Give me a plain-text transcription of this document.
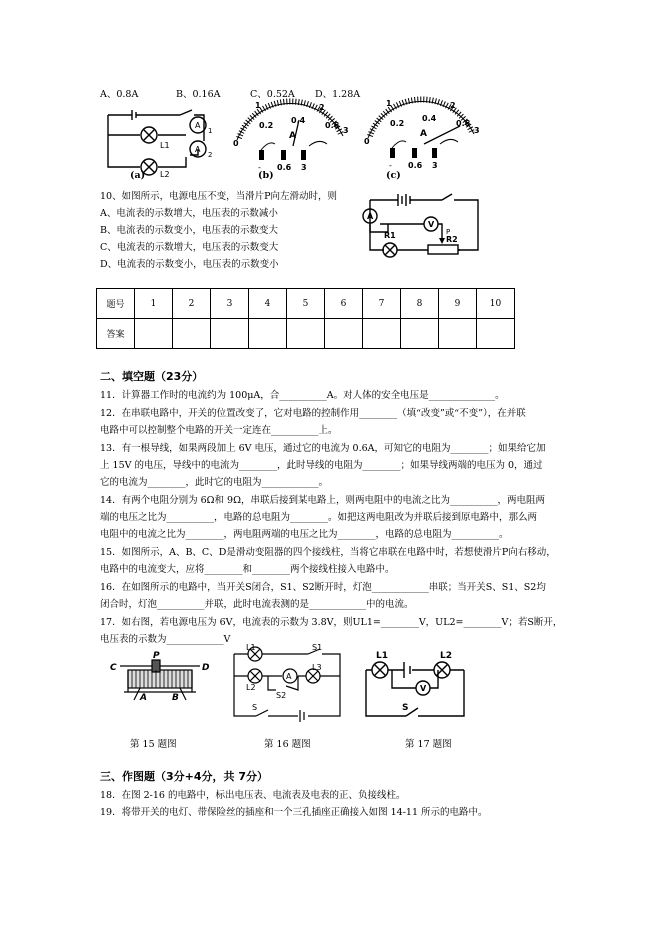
A、0.8A	B、0.16A	C、0.52A D、1.28A
A
A
1
2
L1
L2
(a)
0
0.2
0.4
0.6
1	2
3
A
- 0.6 3
(b)
0
0.2
0.4
0.6
1	2
3
A
- 0.6 3
(c)
10、如图所示，电源电压不变，当滑片P向左滑动时，则
A、电流表的示数增大，电压表的示数减小
B、电流表的示数变小，电压表的示数变大
C、电流表的示数增大，电压表的示数变大
D、电流表的示数变小，电压表的示数变小
A
V
R1	R2
P
题号	1	2	3	4	5	6	7	8	9	10
答案										
二、填空题（23分）
11．计算器工作时的电流约为 100μA，合__________A。对人体的安全电压是______________。
12．在串联电路中，开关的位置改变了，它对电路的控制作用________（填“改变”或“不变”），在并联
电路中可以控制整个电路的开关一定连在__________上。
13．有一根导线，如果两段加上 6V 电压，通过它的电流为 0.6A，可知它的电阻为________；如果给它加
上 15V 的电压，导线中的电流为________，此时导线的电阻为________；如果导线两端的电压为 0，通过
它的电流为________，此时它的电阻为____________。
14．有两个电阻分别为 6Ω和 9Ω，串联后接到某电路上，则两电阻中的电流之比为__________，两电阻两
端的电压之比为__________，电路的总电阻为________。如把这两电阻改为并联后接到原电路中，那么两
电阻中的电流之比为________，两电阻两端的电压之比为________，电路的总电阻为__________。
15．如图所示，A、B、C、D是滑动变阻器的四个接线柱，当将它串联在电路中时，若想使滑片P向右移动，
电路中的电流变大，应将________和________两个接线柱接入电路中。
16．在如图所示的电路中，当开关S闭合，S1、S2断开时，灯泡____________串联；当开关S、S1、S2均
闭合时，灯泡__________并联，此时电流表测的是____________中的电流。
17．如右图，若电源电压为 6V，电流表的示数为 3.8V，则UL1=________V，UL2=________V；若S断开，
电压表的示数为____________V
C
P
D
A	B
第 15 题图
L1
L2
L3
A
S1
S2
S
第 16 题图
L1	L2
V
S
第 17 题图
三、作图题（3分+4分，共 7分）
18．在图 2-16 的电路中，标出电压表、电流表及电表的正、负接线柱。
19．将带开关的电灯、带保险丝的插座和一个三孔插座正确接入如图 14-11 所示的电路中。
